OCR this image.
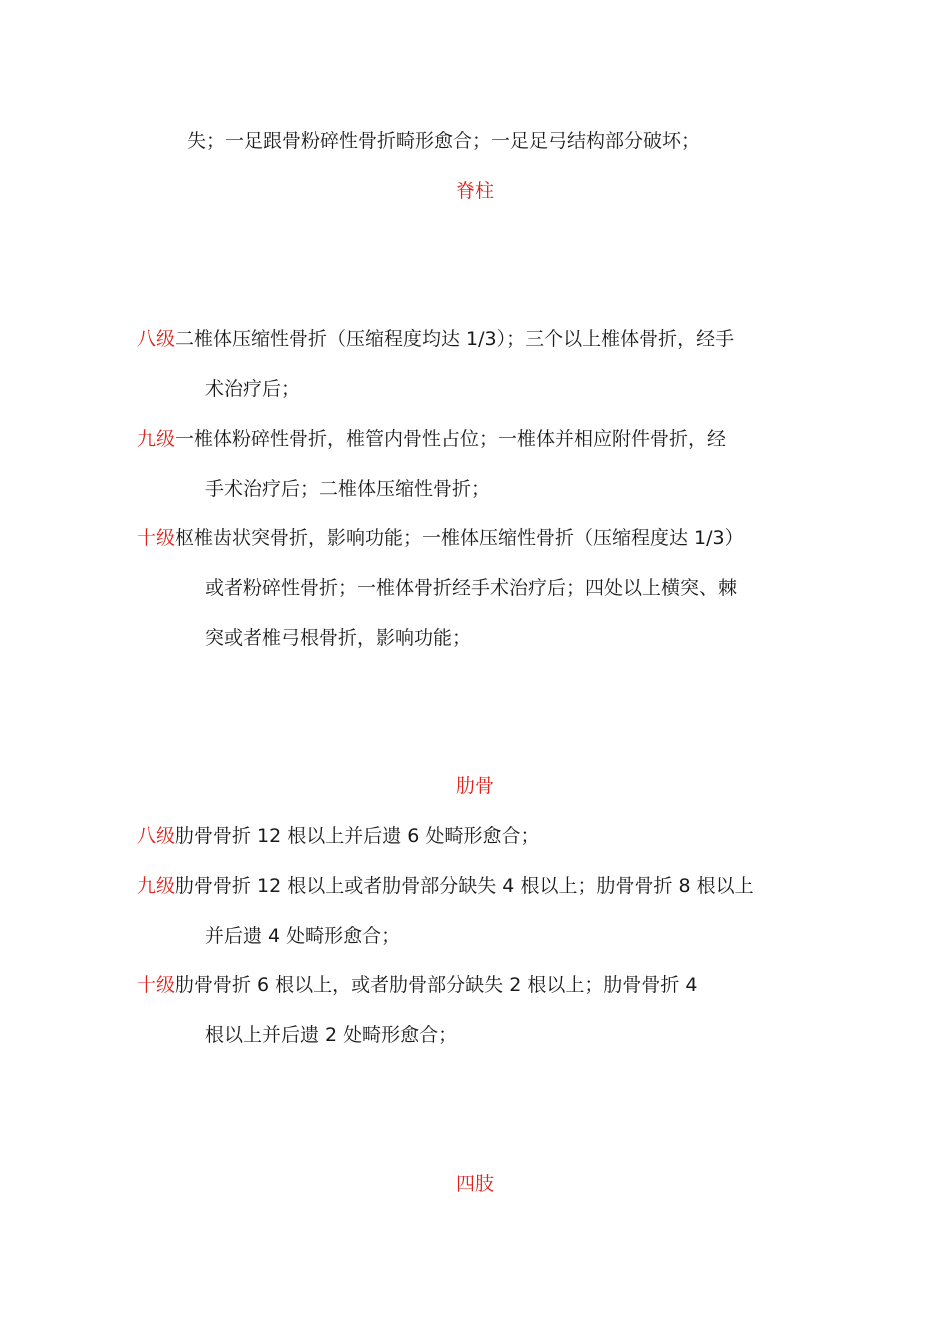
失；一足跟骨粉碎性骨折畸形愈合；一足足弓结构部分破坏；
脊柱
八级二椎体压缩性骨折（压缩程度均达 1/3）；三个以上椎体骨折，经手
术治疗后；
九级一椎体粉碎性骨折，椎管内骨性占位；一椎体并相应附件骨折，经
手术治疗后；二椎体压缩性骨折；
十级枢椎齿状突骨折，影响功能；一椎体压缩性骨折（压缩程度达 1/3）
或者粉碎性骨折；一椎体骨折经手术治疗后；四处以上横突、棘
突或者椎弓根骨折，影响功能；
肋骨
八级肋骨骨折 12 根以上并后遗 6 处畸形愈合；
九级肋骨骨折 12 根以上或者肋骨部分缺失 4 根以上；肋骨骨折 8 根以上
并后遗 4 处畸形愈合；
十级肋骨骨折 6 根以上，或者肋骨部分缺失 2 根以上；肋骨骨折 4
根以上并后遗 2 处畸形愈合；
四肢
